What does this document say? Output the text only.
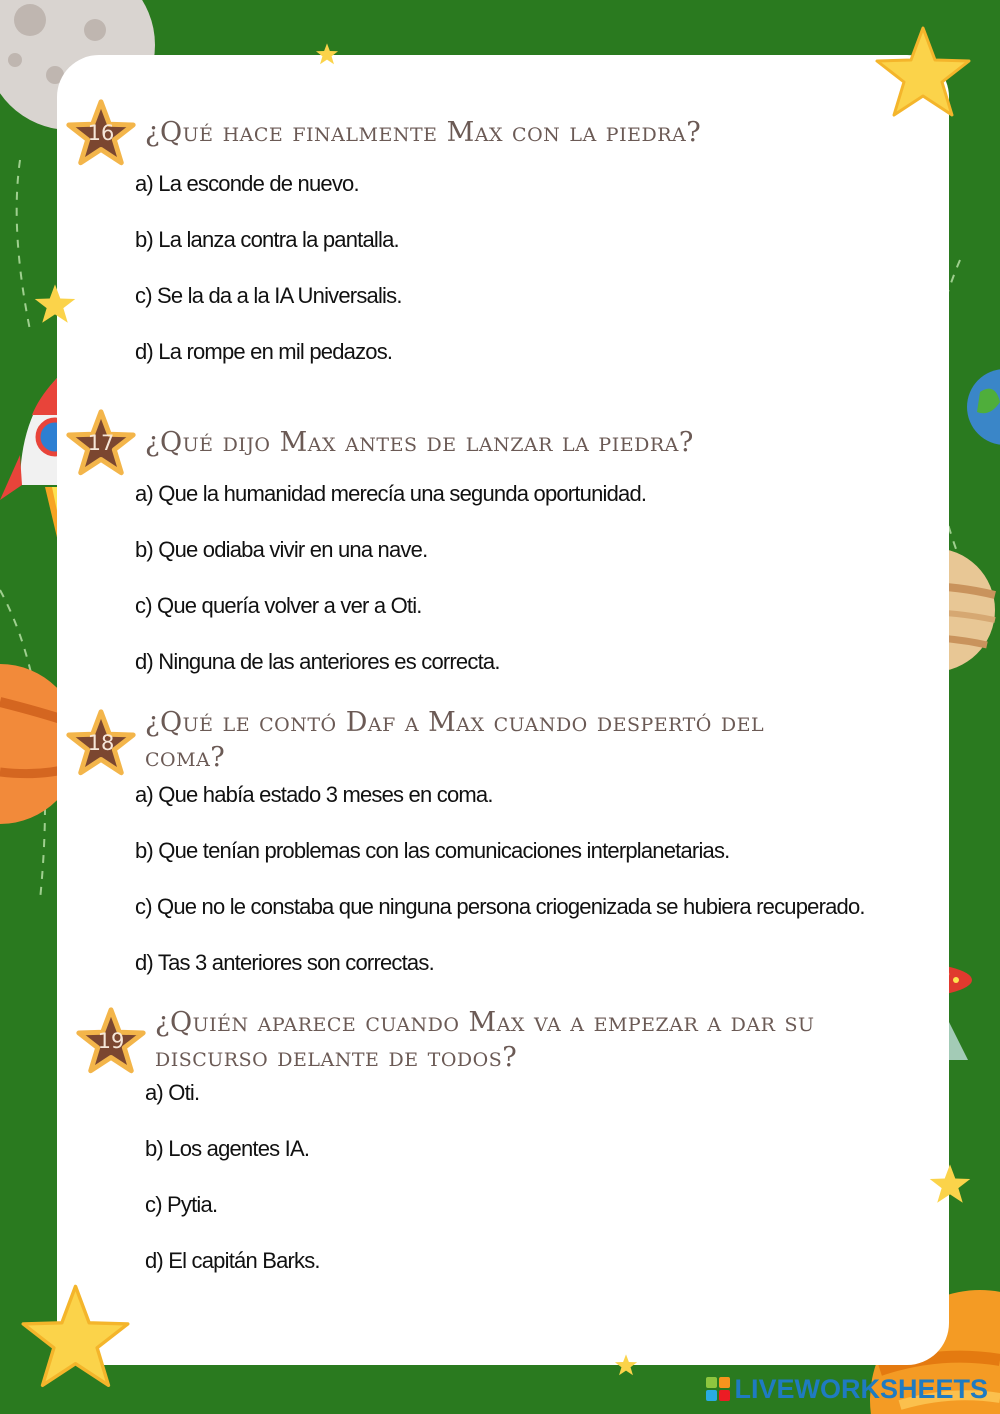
16	¿Qué hace finalmente Max con la piedra?
a) La esconde de nuevo.
b) La lanza contra la pantalla.
c) Se la da a la IA Universalis.
d) La rompe en mil pedazos.
17	¿Qué dijo Max antes de lanzar la piedra?
a) Que la humanidad merecía una segunda oportunidad.
b) Que odiaba vivir en una nave.
c) Que quería volver a ver a Oti.
d) Ninguna de las anteriores es correcta.
18
¿Qué le contó Daf a Max cuando despertó del
coma?
a) Que había estado 3 meses en coma.
b) Que tenían problemas con las comunicaciones interplanetarias.
c) Que no le constaba que ninguna persona criogenizada se hubiera recuperado.
d) Tas 3 anteriores son correctas.
19
¿Quién aparece cuando Max va a empezar a dar su
discurso delante de todos?
a) Oti.
b) Los agentes IA.
c) Pytia.
d) El capitán Barks.
LIVEWORKSHEETS
